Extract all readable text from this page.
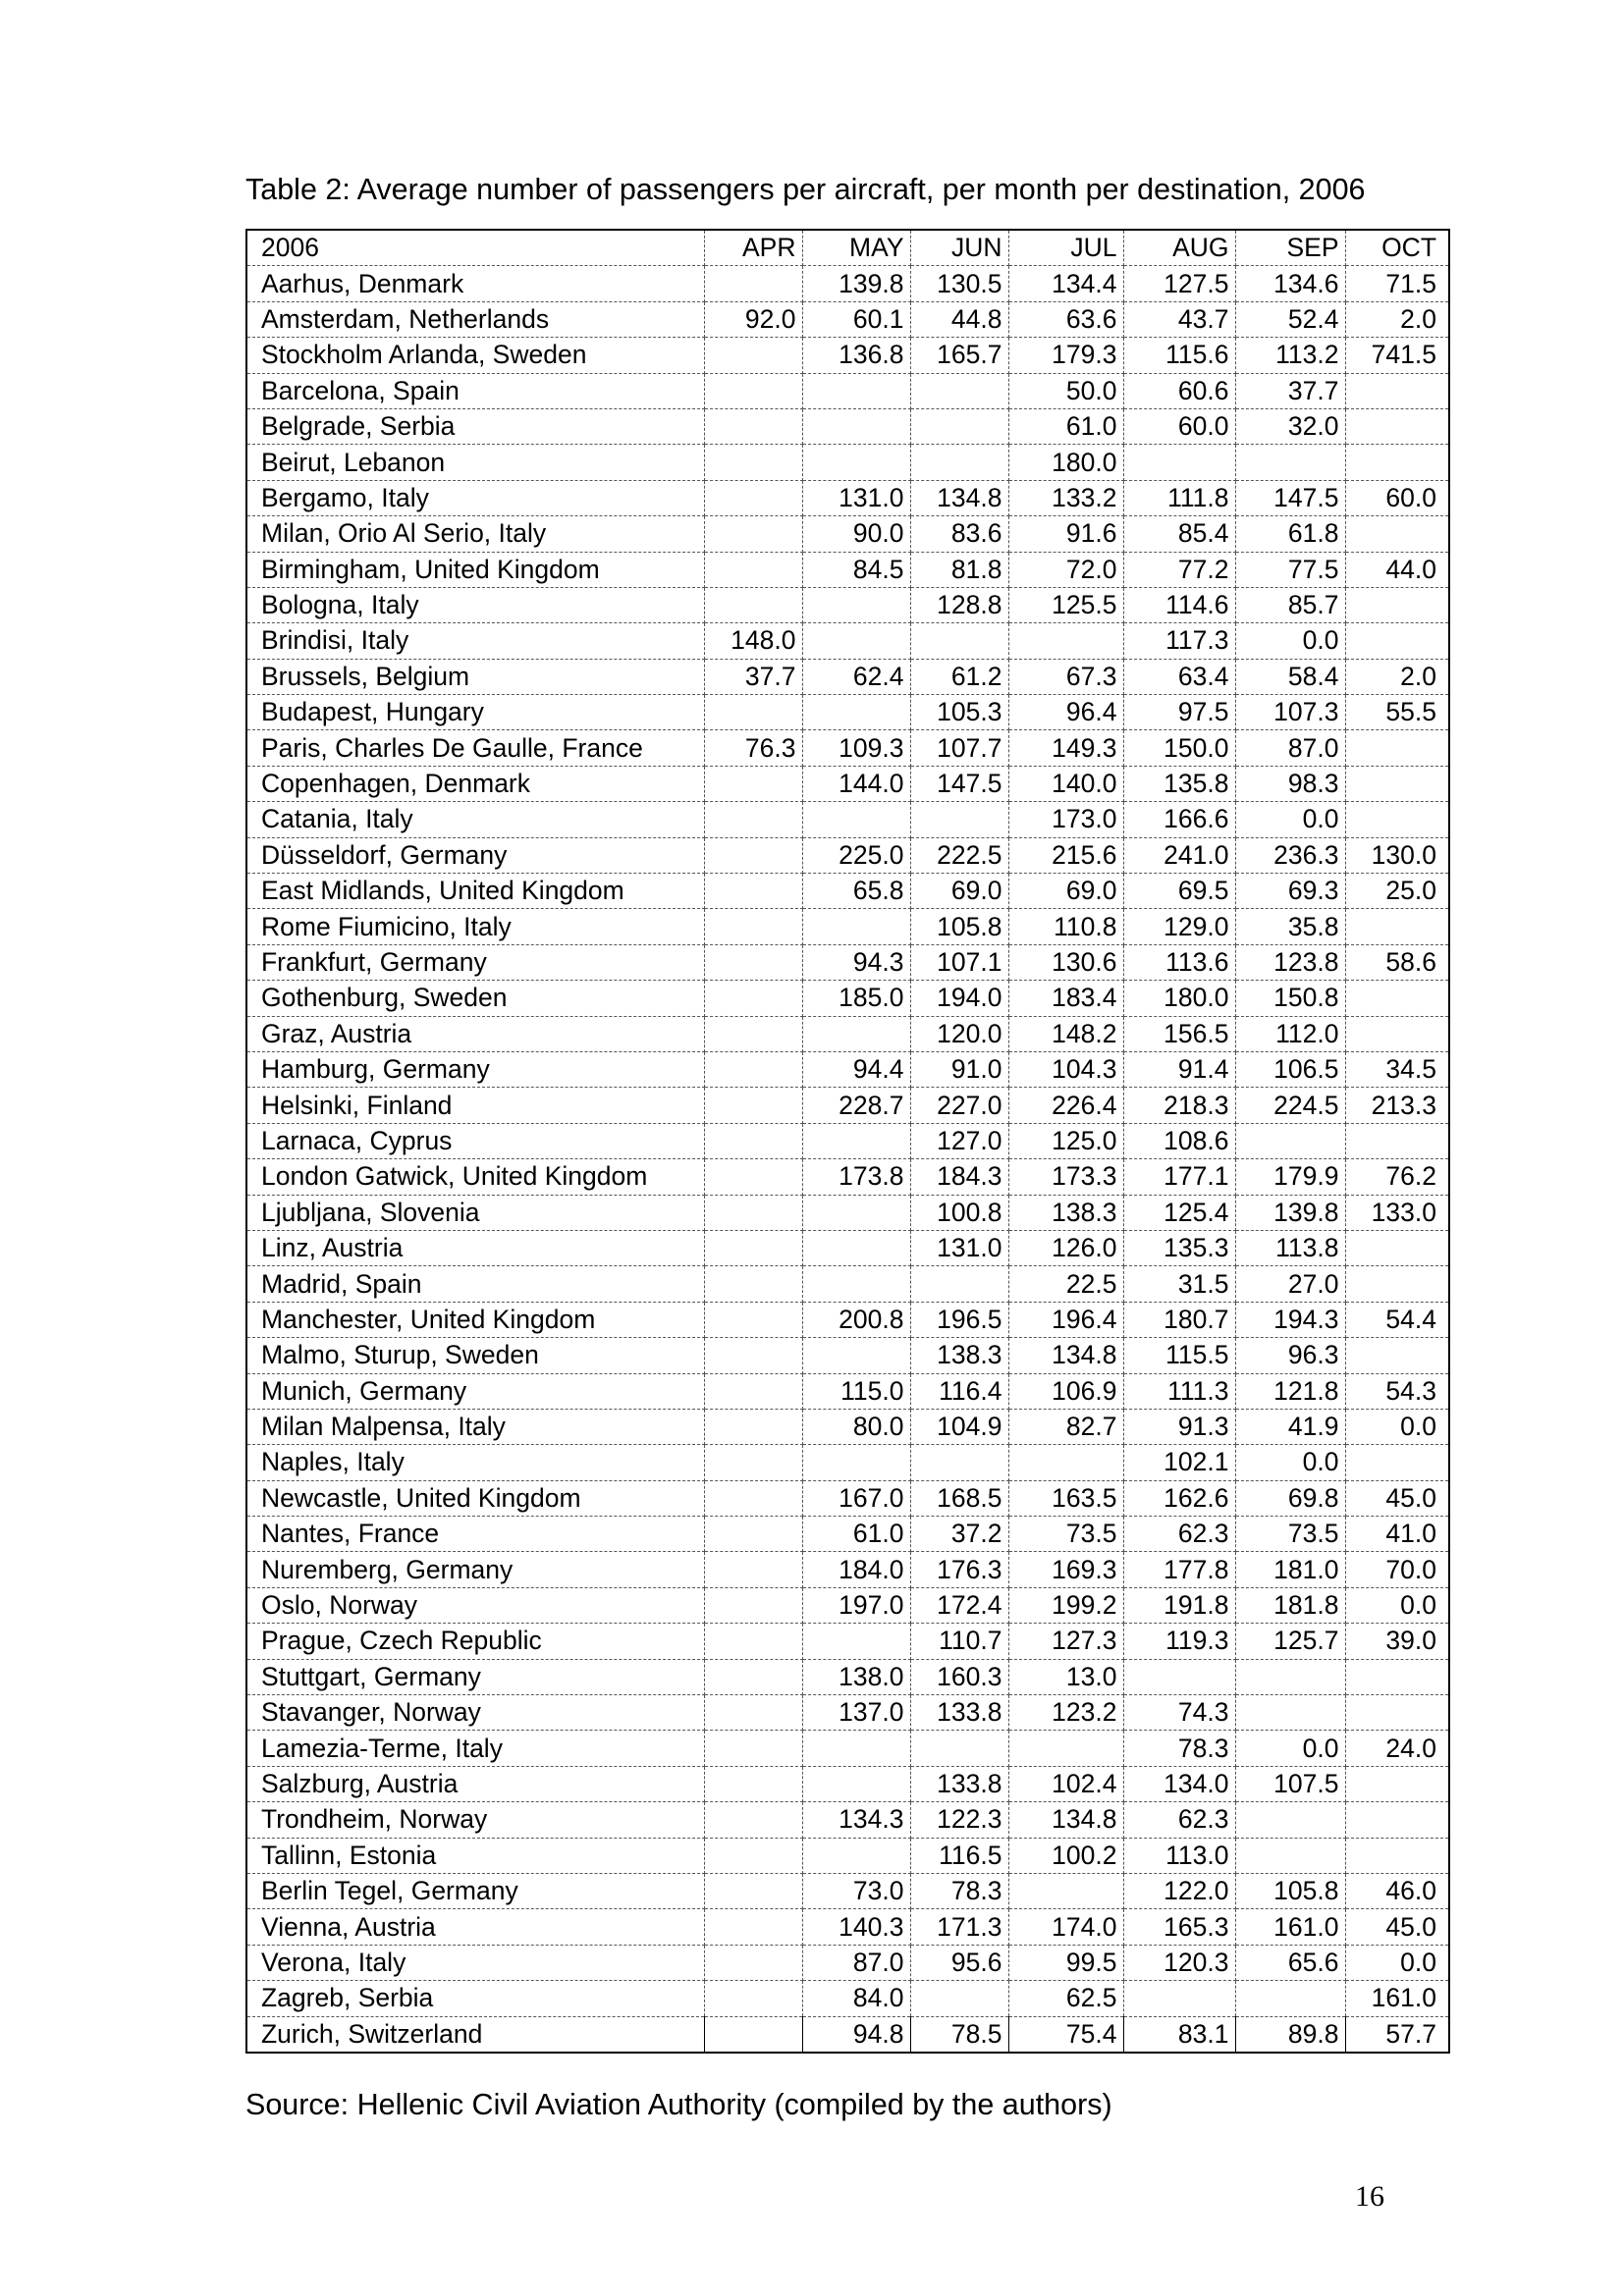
Table 2: Average number of passengers per aircraft, per month per destination, 2006
2006	APR	MAY	JUN	JUL	AUG	SEP	OCT
Aarhus, Denmark		139.8	130.5	134.4	127.5	134.6	71.5
Amsterdam, Netherlands	92.0	60.1	44.8	63.6	43.7	52.4	2.0
Stockholm Arlanda, Sweden		136.8	165.7	179.3	115.6	113.2	741.5
Barcelona, Spain				50.0	60.6	37.7	
Belgrade, Serbia				61.0	60.0	32.0	
Beirut, Lebanon				180.0			
Bergamo, Italy		131.0	134.8	133.2	111.8	147.5	60.0
Milan, Orio Al Serio, Italy		90.0	83.6	91.6	85.4	61.8	
Birmingham, United Kingdom		84.5	81.8	72.0	77.2	77.5	44.0
Bologna, Italy			128.8	125.5	114.6	85.7	
Brindisi, Italy	148.0				117.3	0.0	
Brussels, Belgium	37.7	62.4	61.2	67.3	63.4	58.4	2.0
Budapest, Hungary			105.3	96.4	97.5	107.3	55.5
Paris, Charles De Gaulle, France	76.3	109.3	107.7	149.3	150.0	87.0	
Copenhagen, Denmark		144.0	147.5	140.0	135.8	98.3	
Catania, Italy				173.0	166.6	0.0	
Düsseldorf, Germany		225.0	222.5	215.6	241.0	236.3	130.0
East Midlands, United Kingdom		65.8	69.0	69.0	69.5	69.3	25.0
Rome Fiumicino, Italy			105.8	110.8	129.0	35.8	
Frankfurt, Germany		94.3	107.1	130.6	113.6	123.8	58.6
Gothenburg, Sweden		185.0	194.0	183.4	180.0	150.8	
Graz, Austria			120.0	148.2	156.5	112.0	
Hamburg, Germany		94.4	91.0	104.3	91.4	106.5	34.5
Helsinki, Finland		228.7	227.0	226.4	218.3	224.5	213.3
Larnaca, Cyprus			127.0	125.0	108.6		
London Gatwick, United Kingdom		173.8	184.3	173.3	177.1	179.9	76.2
Ljubljana, Slovenia			100.8	138.3	125.4	139.8	133.0
Linz, Austria			131.0	126.0	135.3	113.8	
Madrid, Spain				22.5	31.5	27.0	
Manchester, United Kingdom		200.8	196.5	196.4	180.7	194.3	54.4
Malmo, Sturup, Sweden			138.3	134.8	115.5	96.3	
Munich, Germany		115.0	116.4	106.9	111.3	121.8	54.3
Milan Malpensa, Italy		80.0	104.9	82.7	91.3	41.9	0.0
Naples, Italy					102.1	0.0	
Newcastle, United Kingdom		167.0	168.5	163.5	162.6	69.8	45.0
Nantes, France		61.0	37.2	73.5	62.3	73.5	41.0
Nuremberg, Germany		184.0	176.3	169.3	177.8	181.0	70.0
Oslo, Norway		197.0	172.4	199.2	191.8	181.8	0.0
Prague, Czech Republic			110.7	127.3	119.3	125.7	39.0
Stuttgart, Germany		138.0	160.3	13.0			
Stavanger, Norway		137.0	133.8	123.2	74.3		
Lamezia-Terme, Italy					78.3	0.0	24.0
Salzburg, Austria			133.8	102.4	134.0	107.5	
Trondheim, Norway		134.3	122.3	134.8	62.3		
Tallinn, Estonia			116.5	100.2	113.0		
Berlin Tegel, Germany		73.0	78.3		122.0	105.8	46.0
Vienna, Austria		140.3	171.3	174.0	165.3	161.0	45.0
Verona, Italy		87.0	95.6	99.5	120.3	65.6	0.0
Zagreb, Serbia		84.0		62.5			161.0
Zurich, Switzerland		94.8	78.5	75.4	83.1	89.8	57.7
Source: Hellenic Civil Aviation Authority (compiled by the authors)
16
